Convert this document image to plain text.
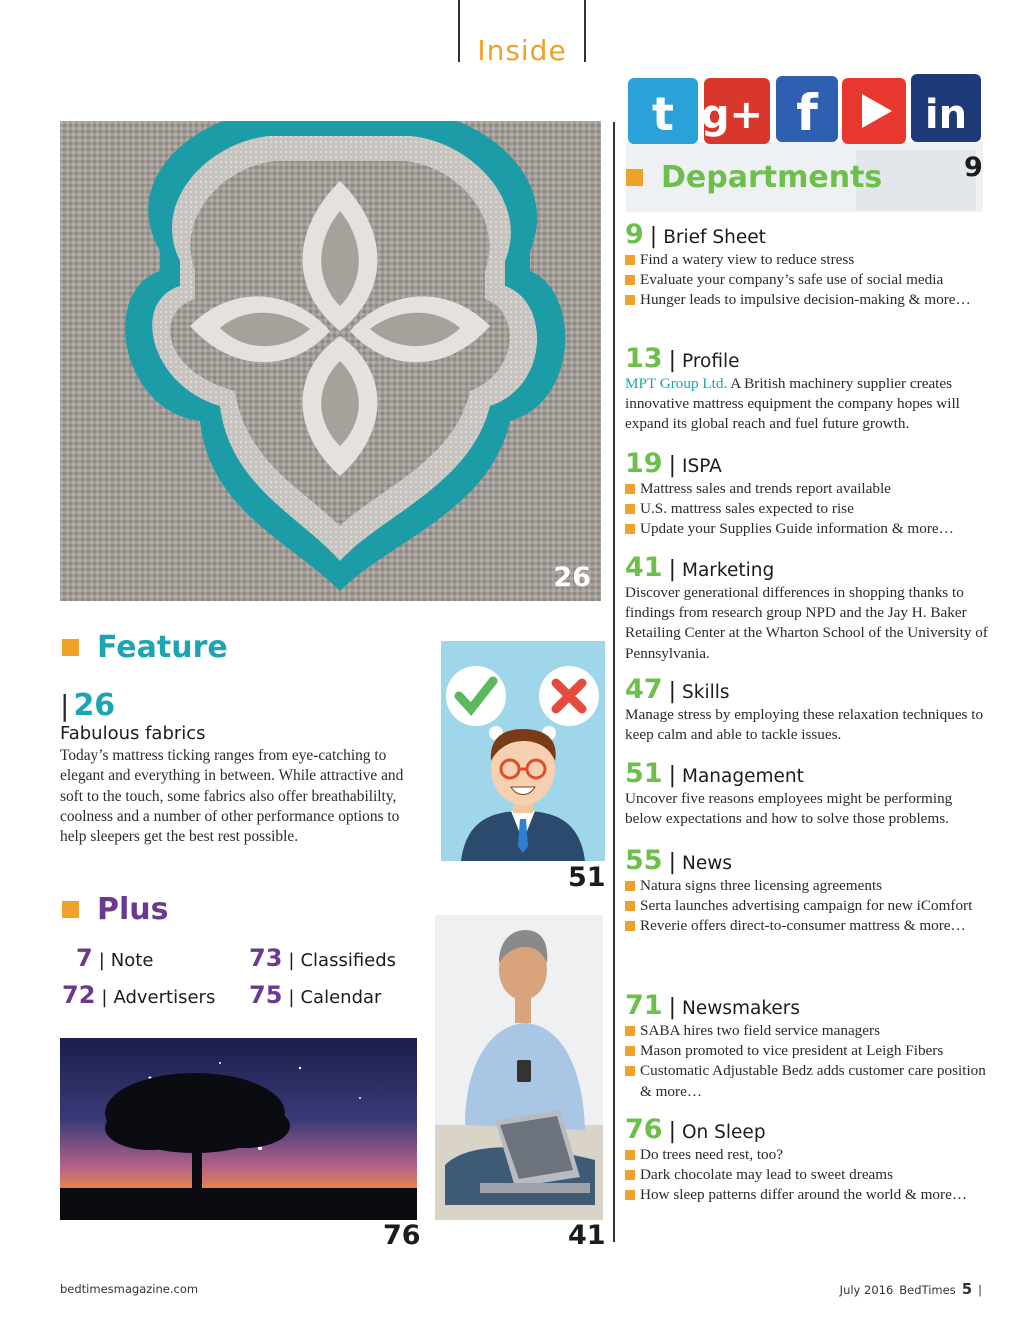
Inside
26
Feature
| 26
Fabulous fabrics
Today’s mattress ticking ranges from eye-catching to elegant and everything in between. While attractive and soft to the touch, some fabrics also offer breathabililty, coolness and a number of other performance options to help sleepers get the best rest possible.
Plus
7 | Note
72 | Advertisers
73 | Classifieds
75 | Calendar
76
51
41
t g+ f	in
9
Departments
9 | Brief Sheet
Find a watery view to reduce stress
Evaluate your company’s safe use of social media
Hunger leads to impulsive decision-making & more…
13 | Profile
MPT Group Ltd. A British machinery supplier creates innovative mattress equipment the company hopes will expand its global reach and fuel future growth.
19 | ISPA
Mattress sales and trends report available
U.S. mattress sales expected to rise
Update your Supplies Guide information & more…
41 | Marketing
Discover generational differences in shopping thanks to findings from research group NPD and the Jay H. Baker Retailing Center at the Wharton School of the University of Pennsylvania.
47 | Skills
Manage stress by employing these relaxation techniques to keep calm and able to tackle issues.
51 | Management
Uncover five reasons employees might be performing below expectations and how to solve those problems.
55 | News
Natura signs three licensing agreements
Serta launches advertising campaign for new iComfort
Reverie offers direct-to-consumer mattress & more…
71 | Newsmakers
SABA hires two field service managers
Mason promoted to vice president at Leigh Fibers
Customatic Adjustable Bedz adds customer care position & more…
76 | On Sleep
Do trees need rest, too?
Dark chocolate may lead to sweet dreams
How sleep patterns differ around the world & more…
bedtimesmagazine.com	July 2016 BedTimes 5 |
